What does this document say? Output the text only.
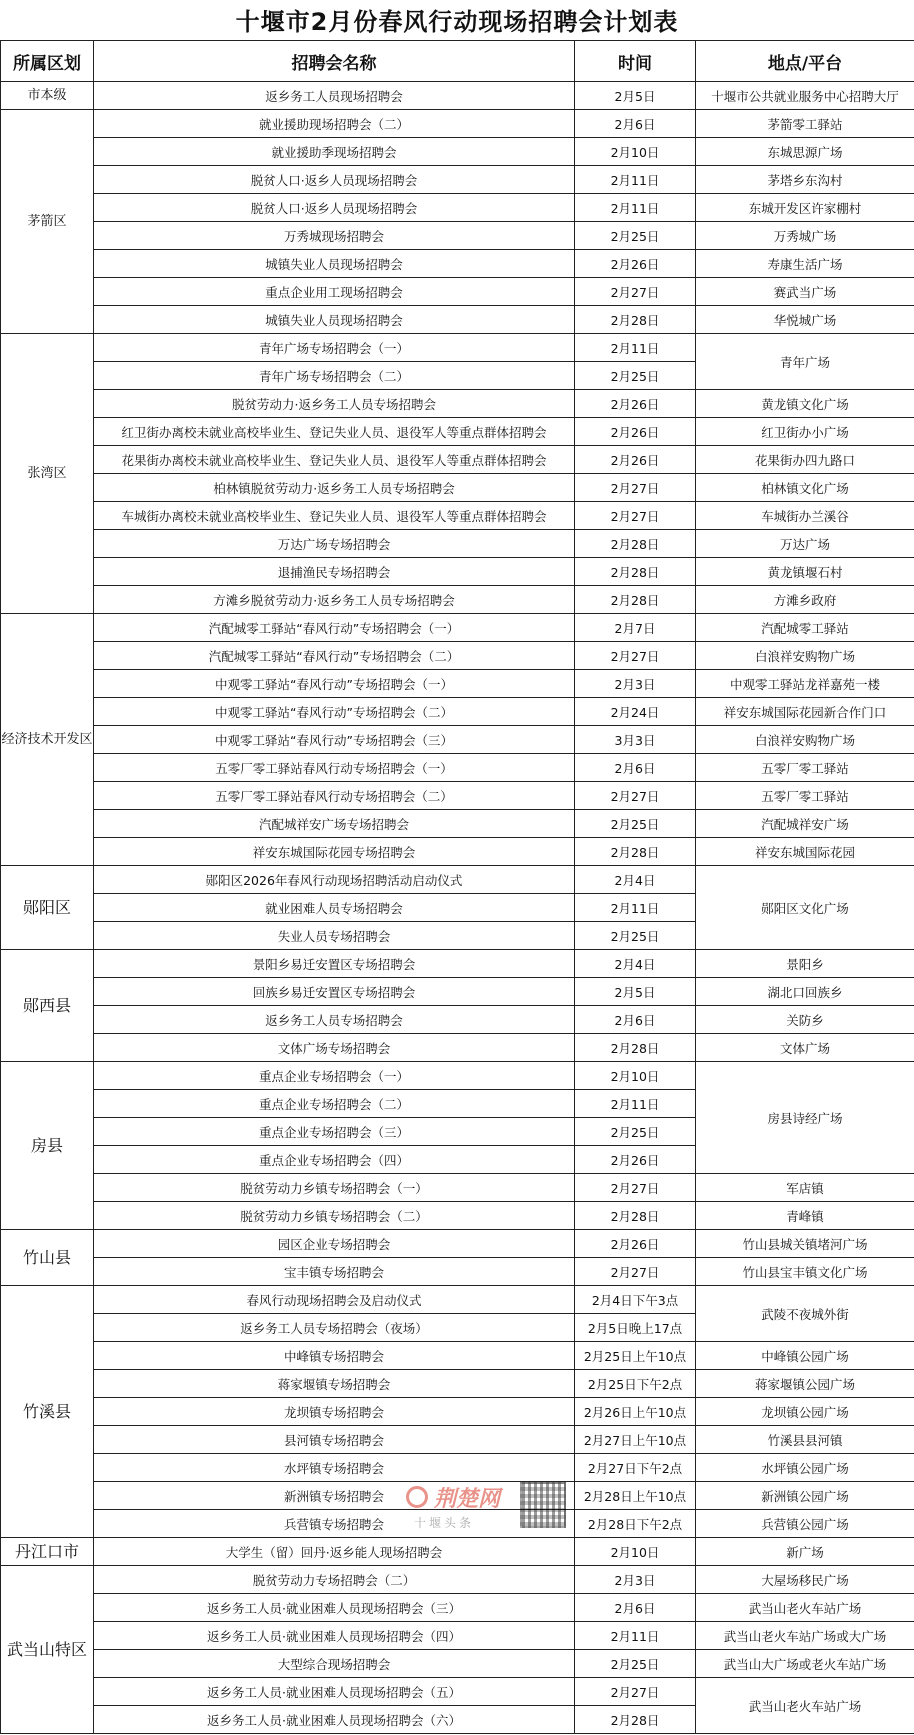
十堰市2月份春风行动现场招聘会计划表
所属区划	招聘会名称	时间	地点/平台
市本级	返乡务工人员现场招聘会	2月5日	十堰市公共就业服务中心招聘大厅
茅箭区	就业援助现场招聘会（二）	2月6日	茅箭零工驿站
	就业援助季现场招聘会	2月10日	东城思源广场
	脱贫人口·返乡人员现场招聘会	2月11日	茅塔乡东沟村
	脱贫人口·返乡人员现场招聘会	2月11日	东城开发区许家棚村
	万秀城现场招聘会	2月25日	万秀城广场
	城镇失业人员现场招聘会	2月26日	寿康生活广场
	重点企业用工现场招聘会	2月27日	赛武当广场
	城镇失业人员现场招聘会	2月28日	华悦城广场
张湾区	青年广场专场招聘会（一）	2月11日	青年广场
	青年广场专场招聘会（二）	2月25日	
	脱贫劳动力·返乡务工人员专场招聘会	2月26日	黄龙镇文化广场
	红卫街办离校未就业高校毕业生、登记失业人员、退役军人等重点群体招聘会	2月26日	红卫街办小广场
	花果街办离校未就业高校毕业生、登记失业人员、退役军人等重点群体招聘会	2月26日	花果街办四九路口
	柏林镇脱贫劳动力·返乡务工人员专场招聘会	2月27日	柏林镇文化广场
	车城街办离校未就业高校毕业生、登记失业人员、退役军人等重点群体招聘会	2月27日	车城街办兰溪谷
	万达广场专场招聘会	2月28日	万达广场
	退捕渔民专场招聘会	2月28日	黄龙镇堰石村
	方滩乡脱贫劳动力·返乡务工人员专场招聘会	2月28日	方滩乡政府
经济技术开发区	汽配城零工驿站“春风行动”专场招聘会（一）	2月7日	汽配城零工驿站
	汽配城零工驿站“春风行动”专场招聘会（二）	2月27日	白浪祥安购物广场
	中观零工驿站“春风行动”专场招聘会（一）	2月3日	中观零工驿站龙祥嘉苑一楼
	中观零工驿站“春风行动”专场招聘会（二）	2月24日	祥安东城国际花园新合作门口
	中观零工驿站“春风行动”专场招聘会（三）	3月3日	白浪祥安购物广场
	五零厂零工驿站春风行动专场招聘会（一）	2月6日	五零厂零工驿站
	五零厂零工驿站春风行动专场招聘会（二）	2月27日	五零厂零工驿站
	汽配城祥安广场专场招聘会	2月25日	汽配城祥安广场
	祥安东城国际花园专场招聘会	2月28日	祥安东城国际花园
郧阳区	郧阳区2026年春风行动现场招聘活动启动仪式	2月4日	郧阳区文化广场
	就业困难人员专场招聘会	2月11日	
	失业人员专场招聘会	2月25日	
郧西县	景阳乡易迁安置区专场招聘会	2月4日	景阳乡
	回族乡易迁安置区专场招聘会	2月5日	湖北口回族乡
	返乡务工人员专场招聘会	2月6日	关防乡
	文体广场专场招聘会	2月28日	文体广场
房县	重点企业专场招聘会（一）	2月10日	房县诗经广场
	重点企业专场招聘会（二）	2月11日	
	重点企业专场招聘会（三）	2月25日	
	重点企业专场招聘会（四）	2月26日	
	脱贫劳动力乡镇专场招聘会（一）	2月27日	军店镇
	脱贫劳动力乡镇专场招聘会（二）	2月28日	青峰镇
竹山县	园区企业专场招聘会	2月26日	竹山县城关镇堵河广场
	宝丰镇专场招聘会	2月27日	竹山县宝丰镇文化广场
竹溪县	春风行动现场招聘会及启动仪式	2月4日下午3点	武陵不夜城外街
	返乡务工人员专场招聘会（夜场）	2月5日晚上17点	
	中峰镇专场招聘会	2月25日上午10点	中峰镇公园广场
	蒋家堰镇专场招聘会	2月25日下午2点	蒋家堰镇公园广场
	龙坝镇专场招聘会	2月26日上午10点	龙坝镇公园广场
	县河镇专场招聘会	2月27日上午10点	竹溪县县河镇
	水坪镇专场招聘会	2月27日下午2点	水坪镇公园广场
	新洲镇专场招聘会	2月28日上午10点	新洲镇公园广场
	兵营镇专场招聘会	2月28日下午2点	兵营镇公园广场
丹江口市	大学生（留）回丹·返乡能人现场招聘会	2月10日	新广场
武当山特区	脱贫劳动力专场招聘会（二）	2月3日	大屋场移民广场
	返乡务工人员·就业困难人员现场招聘会（三）	2月6日	武当山老火车站广场
	返乡务工人员·就业困难人员现场招聘会（四）	2月11日	武当山老火车站广场或大广场
	大型综合现场招聘会	2月25日	武当山大广场或老火车站广场
	返乡务工人员·就业困难人员现场招聘会（五）	2月27日	武当山老火车站广场
	返乡务工人员·就业困难人员现场招聘会（六）	2月28日	
荆楚网
十堰头条
